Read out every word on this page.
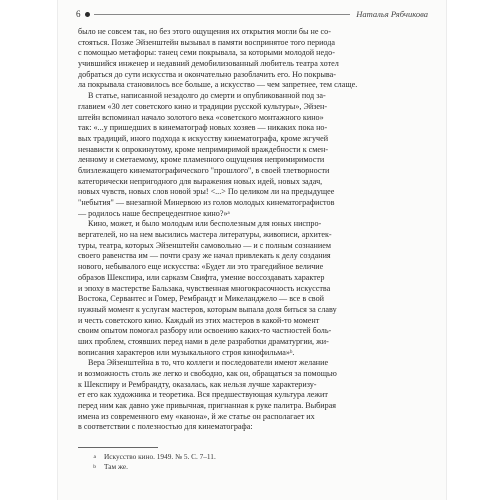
6	Наталья Рябчикова
было не совсем так, но без этого ощущения их открытия могли бы не со-
стояться. Позже Эйзенштейн вызывал в памяти воспринятое того периода
с помощью метафоры: танец семи покрывала, за которыми молодой недо-
учившийся инженер и недавний демобилизованный любитель театра хотел
добраться до сути искусства и окончательно разоблачить его. Но покрыва-
ла покрывала становилось все больше, а искусство — чем запретнее, тем слаще.
В статье, написанной незадолго до смерти и опубликованной под за-
главием «30 лет советского кино и традиции русской культуры», Эйзен-
штейн вспоминал начало золотого века «советского монтажного кино»
так: «...у пришедших в кинематограф новых хозяев — никаких пока но-
вых традиций, иного подхода к искусству кинематографа, кроме жгучей
ненависти к опрокинутому, кроме непримиримой вражде́бности к смен-
ленному и сметаемому, кроме пламенного ощущения непримиримости
близлежащего кинематографического "прошлого", в своей тлетворности
категорически непригодного для выражения новых идей, новых задач,
новых чувств, новых слов новой эры! <...> По целиком ли на предыдущее
"небытия" — внезапной Минервою из голов молодых кинематографистов
— родилось наше беспрецедентное кино?»ᵃ
Кино, может, и было молодым или беспoлезным для юных ниспро-
вергателей, но на нем высились мастера литературы, живописи, архитек-
туры, театра, которых Эйзенштейн самовольно — и с полным сознанием
своего равенства им — почти сразу же начал привлекать к делу создания
нового, небывалого еще искусства: «Будет ли это трагедийное величие
образов Шекспира, или сарказм Свифта, умение воссоздавать характер
и эпоху в мастерстве Бальзака, чувственная многокрасочность искусства
Востока, Сервантес и Гомер, Рембрандт и Микеланджело — все в свой
нужный момент к услугам мастеров, которым выпала доля биться за славу
и честь советского кино. Каждый из этих мастеров в какой-то момент
своим опытом помогал разбору или освоению каких-то частностей боль-
ших проблем, стоявших перед нами в деле разработки драматургии, жи-
вописания характеров или музыкального строя кинофильма»ᵇ.
Вера Эйзенштейна в то, что коллеги и последователи имеют желание
и возможность столь же легко и свободно, как он, обращаться за помощью
к Шекспиру и Рембрандту, оказалась, как нельзя лучше характеризу-
ет его как художника и теоретика. Вся предшествующая культура лежит
перед ним как давно уже привычная, пригнанная к руке палитра. Выбирая
имена из современного ему «канона», й же статье он располагает их
в соответствии с полезностью для кинематографа:
a	Искусство кино. 1949. № 5. С. 7–11.
b	Там же.
